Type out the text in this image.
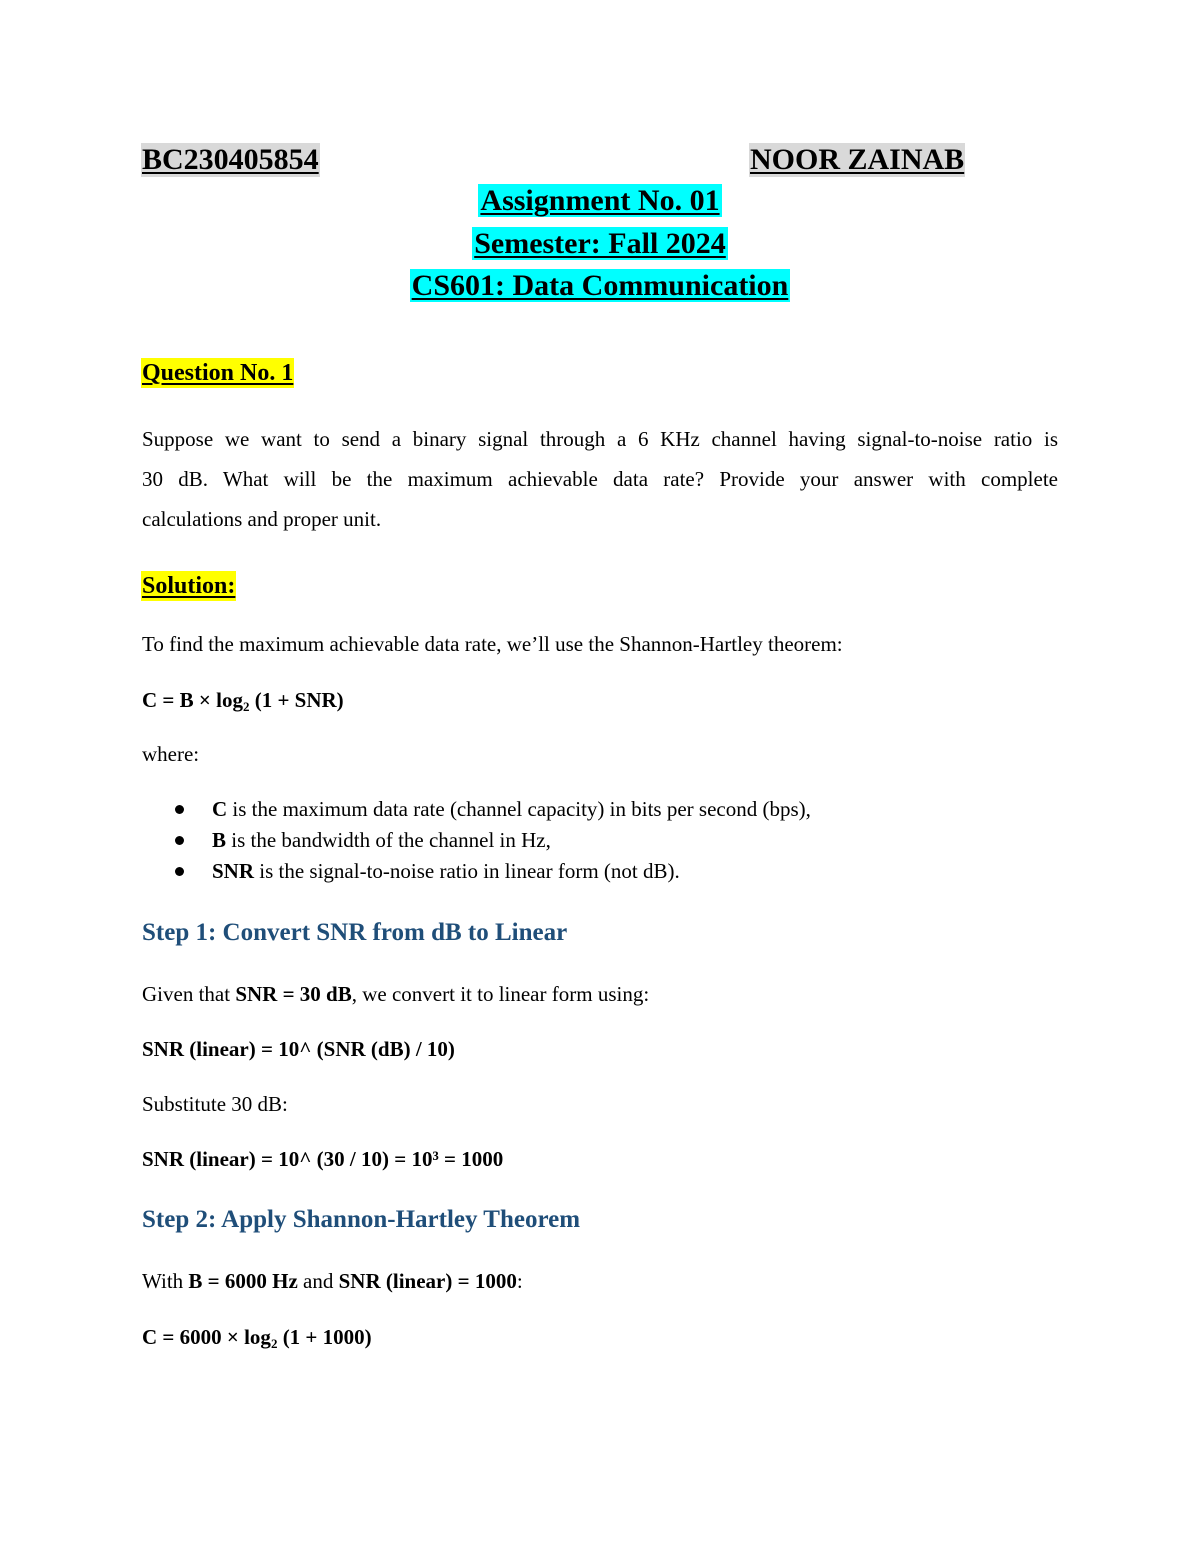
BC230405854	NOOR ZAINAB
Assignment No. 01
Semester: Fall 2024
CS601: Data Communication
Question No. 1
Suppose we want to send a binary signal through a 6 KHz channel having signal-to-noise ratio is
30 dB. What will be the maximum achievable data rate? Provide your answer with complete
calculations and proper unit.
Solution:
To find the maximum achievable data rate, we’ll use the Shannon-Hartley theorem:
$C = B \times \log_2 (1 + SNR)$
where:
C is the maximum data rate (channel capacity) in bits per second (bps),
B is the bandwidth of the channel in Hz,
SNR is the signal-to-noise ratio in linear form (not dB).
Step 1: Convert SNR from dB to Linear
Given that SNR = 30 dB, we convert it to linear form using:
SNR (linear) = 10^ (SNR (dB) / 10)
Substitute 30 dB:
SNR (linear) = 10^ (30 / 10) = 10³ = 1000
Step 2: Apply Shannon-Hartley Theorem
With B = 6000 Hz and SNR (linear) = 1000:
$C = 6000 \times \log_2 (1 + 1000)$
